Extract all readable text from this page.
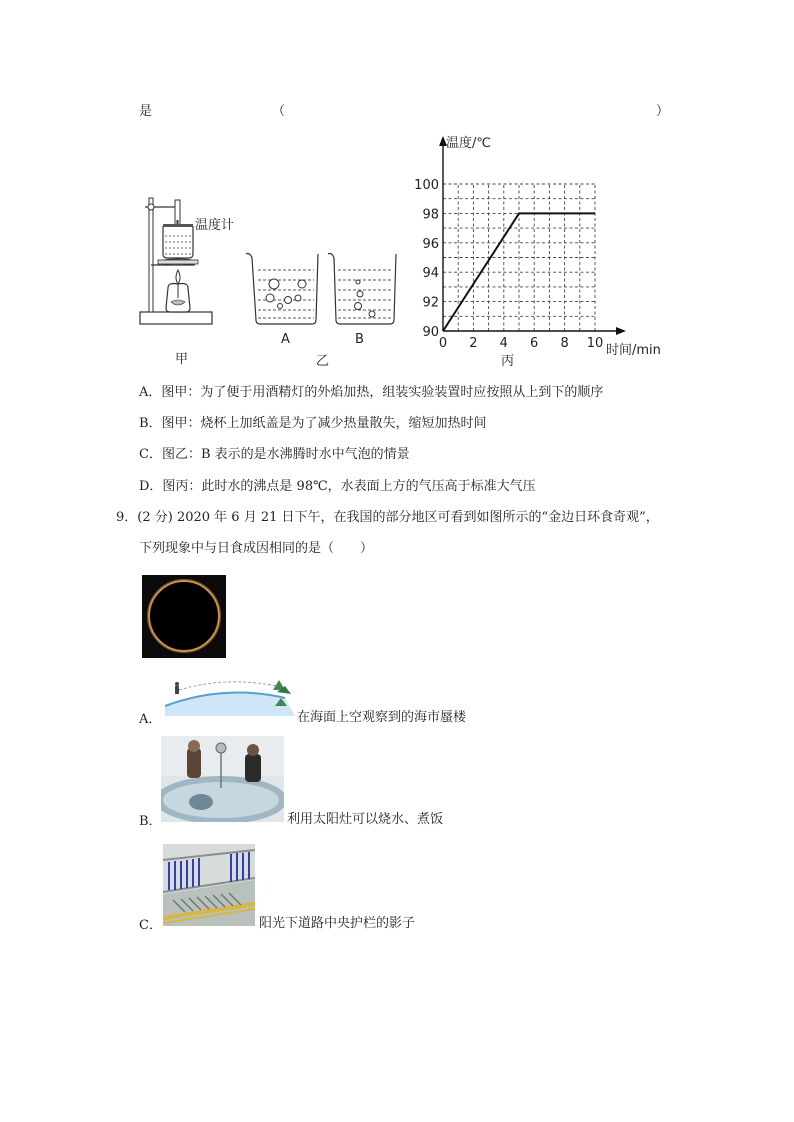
是	（	）
温度计
甲
A	B
乙
0 2 4 6 8 10
90
92
94
96
98
100
温度/℃
时间/min
丙
A．图甲：为了便于用酒精灯的外焰加热，组装实验装置时应按照从上到下的顺序
B．图甲：烧杯上加纸盖是为了减少热量散失，缩短加热时间
C．图乙：B 表示的是水沸腾时水中气泡的情景
D．图丙：此时水的沸点是 98℃，水表面上方的气压高于标准大气压
9．(2 分) 2020 年 6 月 21 日下午，在我国的部分地区可看到如图所示的“金边日环食奇观”，
下列现象中与日食成因相同的是（　　）
A．	在海面上空观察到的海市蜃楼
B．	利用太阳灶可以烧水、煮饭
C．	阳光下道路中央护栏的影子
